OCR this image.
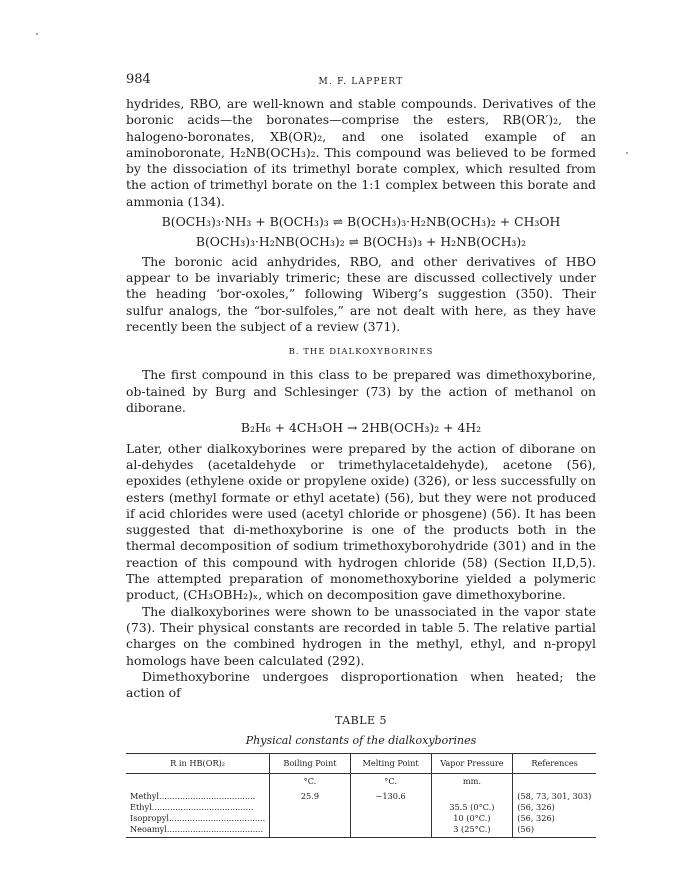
984	M. F. LAPPERT

hydrides, RBO, are well-known and stable compounds. Derivatives of the boronic acids—the boronates—comprise the esters, RB(OR′)₂, the halogeno-boronates, XB(OR)₂, and one isolated example of an aminoboronate, H₂NB(OCH₃)₂. This compound was believed to be formed by the dissociation of its trimethyl borate complex, which resulted from the action of trimethyl borate on the 1:1 complex between this borate and ammonia (134).

B(OCH₃)₃·NH₃ + B(OCH₃)₃ ⇌ B(OCH₃)₃·H₂NB(OCH₃)₂ + CH₃OH
B(OCH₃)₃·H₂NB(OCH₃)₂ ⇌ B(OCH₃)₃ + H₂NB(OCH₃)₂

The boronic acid anhydrides, RBO, and other derivatives of HBO appear to be invariably trimeric; these are discussed collectively under the heading ‘bor-oxoles,” following Wiberg’s suggestion (350). Their sulfur analogs, the “bor-sulfoles,” are not dealt with here, as they have recently been the subject of a review (371).

B. THE DIALKOXYBORINES

The first compound in this class to be prepared was dimethoxyborine, ob-tained by Burg and Schlesinger (73) by the action of methanol on diborane.

B₂H₆ + 4CH₃OH → 2HB(OCH₃)₂ + 4H₂

Later, other dialkoxyborines were prepared by the action of diborane on al-dehydes (acetaldehyde or trimethylacetaldehyde), acetone (56), epoxides (ethylene oxide or propylene oxide) (326), or less successfully on esters (methyl formate or ethyl acetate) (56), but they were not produced if acid chlorides were used (acetyl chloride or phosgene) (56). It has been suggested that di-methoxyborine is one of the products both in the thermal decomposition of sodium trimethoxyborohydride (301) and in the reaction of this compound with hydrogen chloride (58) (Section II,D,5). The attempted preparation of monomethoxyborine yielded a polymeric product, (CH₃OBH₂)ₓ, which on decomposition gave dimethoxyborine.

The dialkoxyborines were shown to be unassociated in the vapor state (73). Their physical constants are recorded in table 5. The relative partial charges on the combined hydrogen in the methyl, ethyl, and n-propyl homologs have been calculated (292).

Dimethoxyborine undergoes disproportionation when heated; the action of

TABLE 5
Physical constants of the dialkoxyborines
R in HB(OR)₂	Boiling Point	Melting Point	Vapor Pressure	References
	°C.	°C.	mm.	
Methyl.....................................	25.9	−130.6		(58, 73, 301, 303)
Ethyl.......................................			35.5 (0°C.)	(56, 326)
Isopropyl.....................................			10 (0°C.)	(56, 326)
Neoamyl.....................................			3 (25°C.)	(56)
